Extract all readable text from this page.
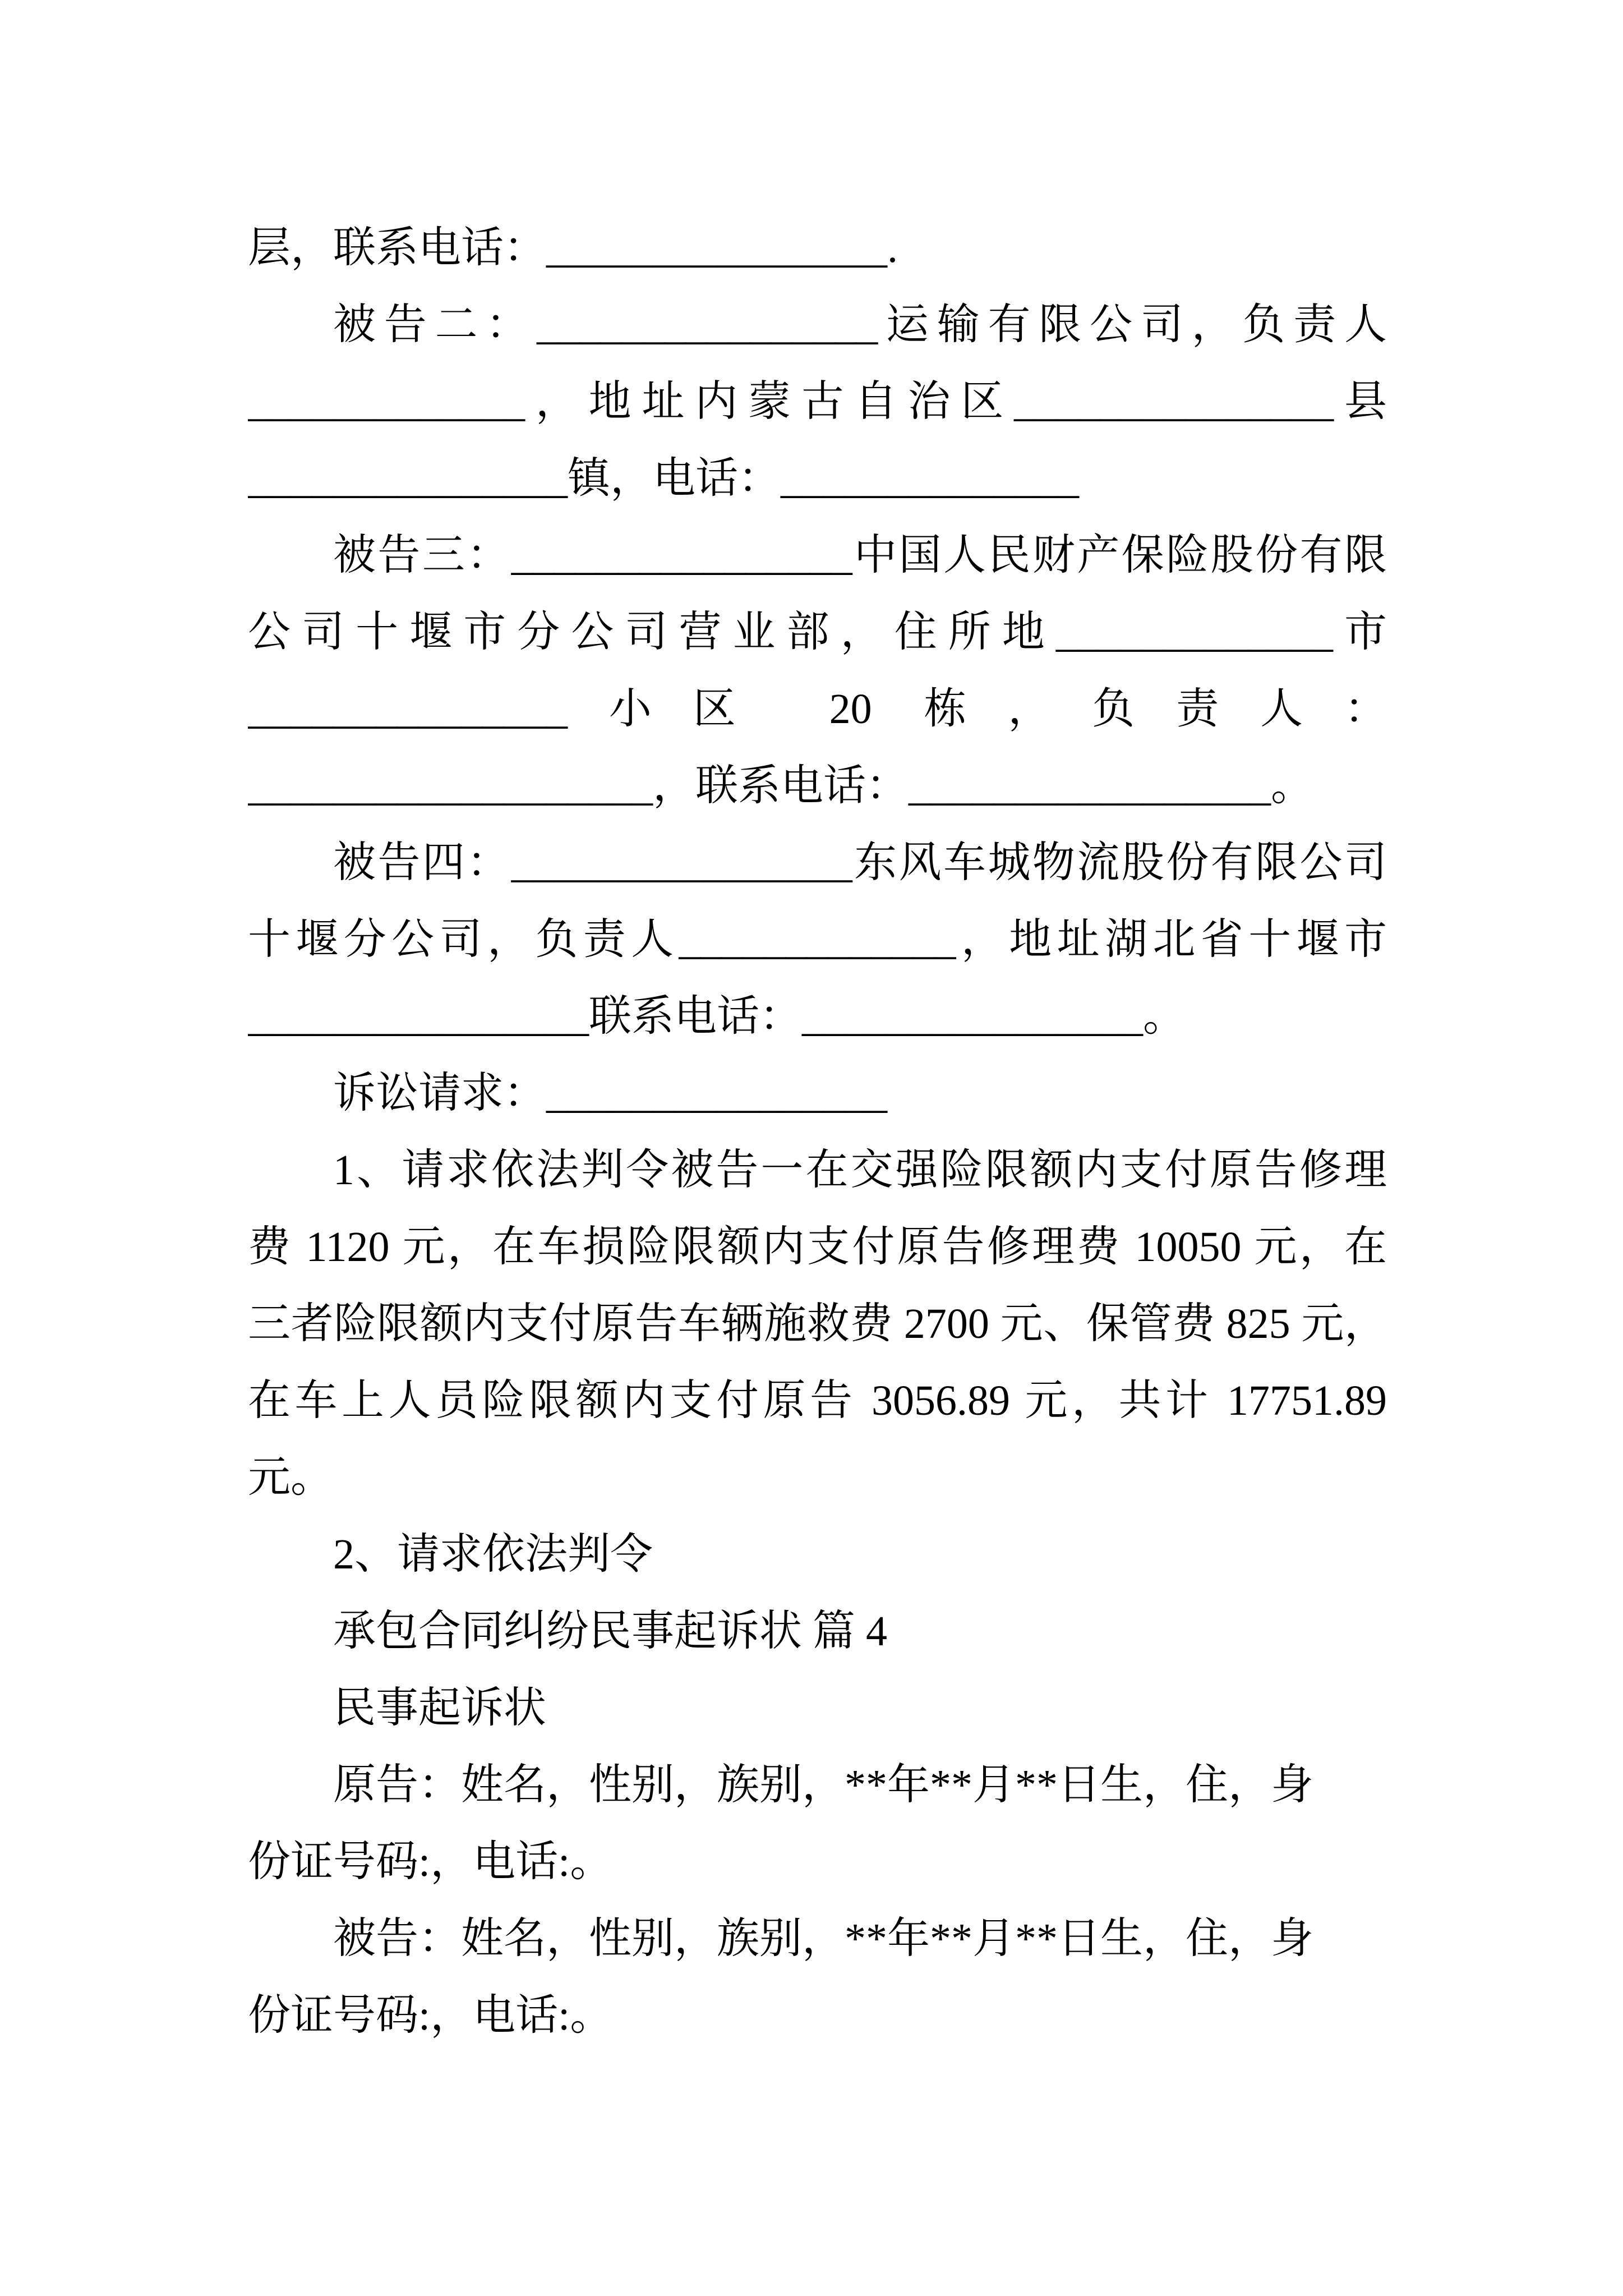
层，联系电话：________________.
被告二：________________运输有限公司，负责人
_____________，地址内蒙古自治区_______________县
_______________镇，电话：______________
被告三：________________中国人民财产保险股份有限
公司十堰市分公司营业部，住所地_____________市
_______________小区 20 栋，负责人：
___________________，联系电话：_________________。
被告四：________________东风车城物流股份有限公司
十堰分公司，负责人_____________，地址湖北省十堰市
________________联系电话：________________。
诉讼请求：________________
1、请求依法判令被告一在交强险限额内支付原告修理
费 1120 元，在车损险限额内支付原告修理费 10050 元，在
三者险限额内支付原告车辆施救费 2700 元、保管费 825 元，
在车上人员险限额内支付原告 3056.89 元，共计 17751.89
元。
2、请求依法判令
承包合同纠纷民事起诉状 篇 4
民事起诉状
原告：姓名，性别，族别，**年**月**日生，住，身
份证号码:，电话:。
被告：姓名，性别，族别，**年**月**日生，住，身
份证号码:，电话:。
